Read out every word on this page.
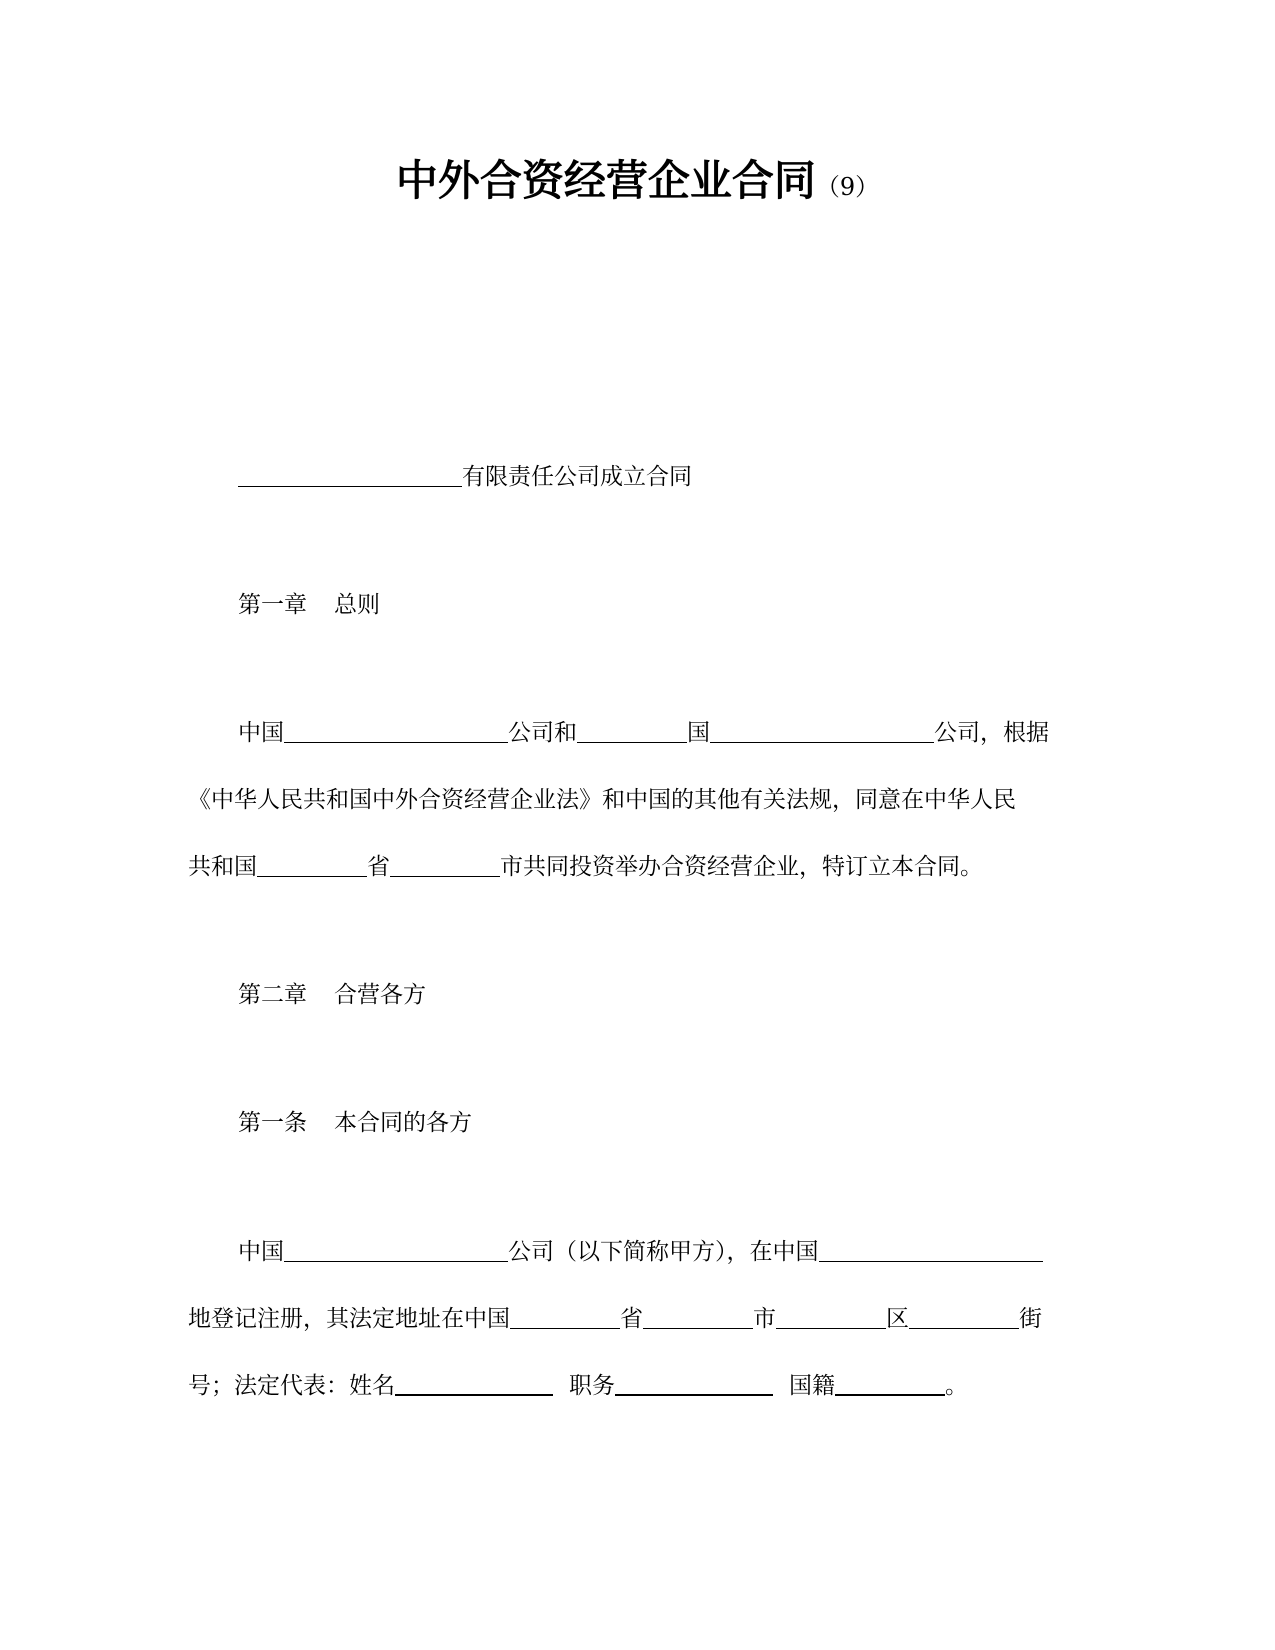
中外合资经营企业合同（9）
有限责任公司成立合同
第一章 总则
中国	公司和	国	公司，根据
《中华人民共和国中外合资经营企业法》和中国的其他有关法规，同意在中华人民
共和国	省	市共同投资举办合资经营企业，特订立本合同。
第二章 合营各方
第一条 本合同的各方
中国	公司（以下简称甲方），在中国
地登记注册，其法定地址在中国	省	市	区	街
号；法定代表：姓名	职务	国籍	。
